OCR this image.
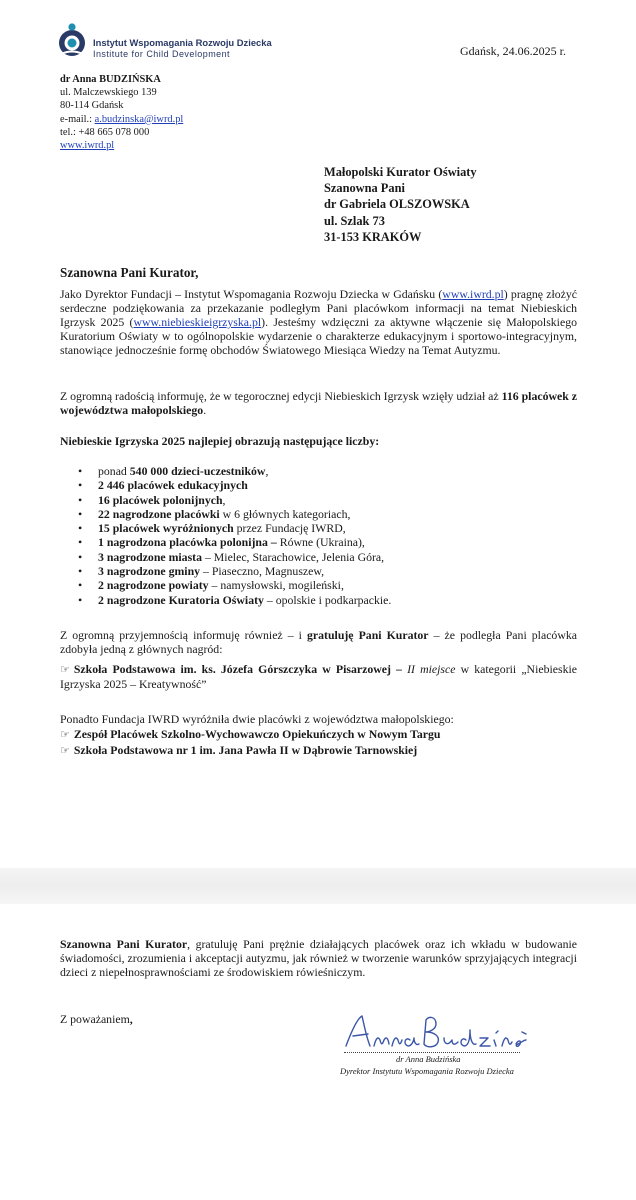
Instytut Wspomagania Rozwoju Dziecka
Institute for Child Development	Gdańsk, 24.06.2025 r.
dr Anna BUDZIŃSKA
ul. Malczewskiego 139
80-114 Gdańsk
e-mail.: a.budzinska@iwrd.pl
tel.: +48 665 078 000
www.iwrd.pl
Małopolski Kurator Oświaty
Szanowna Pani
dr Gabriela OLSZOWSKA
ul. Szlak 73
31-153 KRAKÓW
Szanowna Pani Kurator,
Jako Dyrektor Fundacji – Instytut Wspomagania Rozwoju Dziecka w Gdańsku (www.iwrd.pl) pragnę złożyć serdeczne podziękowania za przekazanie podległym Pani placówkom informacji na temat Niebieskich Igrzysk 2025 (www.niebieskieigrzyska.pl). Jesteśmy wdzięczni za aktywne włączenie się Małopolskiego Kuratorium Oświaty w to ogólnopolskie wydarzenie o charakterze edukacyjnym i sportowo-integracyjnym, stanowiące jednocześnie formę obchodów Światowego Miesiąca Wiedzy na Temat Autyzmu.
Z ogromną radością informuję, że w tegorocznej edycji Niebieskich Igrzysk wzięły udział aż 116 placówek z województwa małopolskiego.
Niebieskie Igrzyska 2025 najlepiej obrazują następujące liczby:
• ponad 540 000 dzieci-uczestników,
• 2 446 placówek edukacyjnych
• 16 placówek polonijnych,
• 22 nagrodzone placówki w 6 głównych kategoriach,
• 15 placówek wyróżnionych przez Fundację IWRD,
• 1 nagrodzona placówka polonijna – Równe (Ukraina),
• 3 nagrodzone miasta – Mielec, Starachowice, Jelenia Góra,
• 3 nagrodzone gminy – Piaseczno, Magnuszew,
• 2 nagrodzone powiaty – namysłowski, mogileński,
• 2 nagrodzone Kuratoria Oświaty – opolskie i podkarpackie.
Z ogromną przyjemnością informuję również – i gratuluję Pani Kurator – że podległa Pani placówka zdobyła jedną z głównych nagród:
☞ Szkoła Podstawowa im. ks. Józefa Górszczyka w Pisarzowej – II miejsce w kategorii „Niebieskie Igrzyska 2025 – Kreatywność”
Ponadto Fundacja IWRD wyróżniła dwie placówki z województwa małopolskiego:
☞ Zespół Placówek Szkolno-Wychowawczo Opiekuńczych w Nowym Targu
☞ Szkoła Podstawowa nr 1 im. Jana Pawła II w Dąbrowie Tarnowskiej
Szanowna Pani Kurator, gratuluję Pani prężnie działających placówek oraz ich wkładu w budowanie świadomości, zrozumienia i akceptacji autyzmu, jak również w tworzenie warunków sprzyjających integracji dzieci z niepełnosprawnościami ze środowiskiem rówieśniczym.
Z poważaniem,
dr Anna Budzińska
Dyrektor Instytutu Wspomagania Rozwoju Dziecka
